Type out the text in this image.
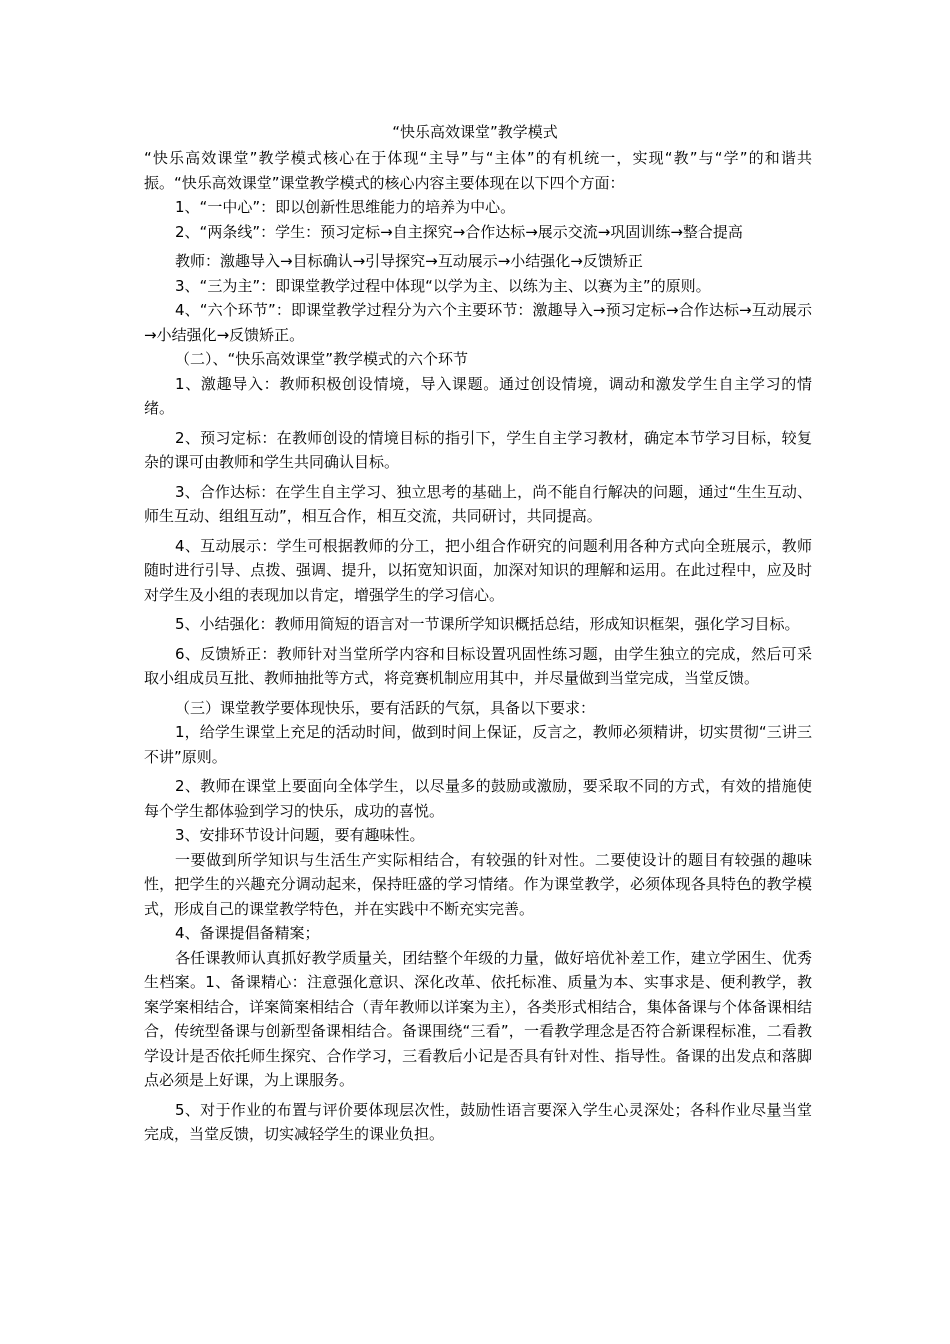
“快乐高效课堂”教学模式

“快乐高效课堂”教学模式核心在于体现“主导”与“主体”的有机统一，实现“教”与“学”的和谐共振。“快乐高效课堂”课堂教学模式的核心内容主要体现在以下四个方面：

1、“一中心”：即以创新性思维能力的培养为中心。

2、“两条线”：学生：预习定标→自主探究→合作达标→展示交流→巩固训练→整合提高

教师：激趣导入→目标确认→引导探究→互动展示→小结强化→反馈矫正

3、“三为主”：即课堂教学过程中体现“以学为主、以练为主、以赛为主”的原则。

4、“六个环节”：即课堂教学过程分为六个主要环节：激趣导入→预习定标→合作达标→互动展示→小结强化→反馈矫正。

（二）、“快乐高效课堂”教学模式的六个环节

1、激趣导入：教师积极创设情境，导入课题。通过创设情境，调动和激发学生自主学习的情绪。

2、预习定标：在教师创设的情境目标的指引下，学生自主学习教材，确定本节学习目标，较复杂的课可由教师和学生共同确认目标。

3、合作达标：在学生自主学习、独立思考的基础上，尚不能自行解决的问题，通过“生生互动、师生互动、组组互动”，相互合作，相互交流，共同研讨，共同提高。

4、互动展示：学生可根据教师的分工，把小组合作研究的问题利用各种方式向全班展示，教师随时进行引导、点拨、强调、提升，以拓宽知识面，加深对知识的理解和运用。在此过程中，应及时对学生及小组的表现加以肯定，增强学生的学习信心。

5、小结强化：教师用简短的语言对一节课所学知识概括总结，形成知识框架，强化学习目标。

6、反馈矫正：教师针对当堂所学内容和目标设置巩固性练习题，由学生独立的完成，然后可采取小组成员互批、教师抽批等方式，将竞赛机制应用其中，并尽量做到当堂完成，当堂反馈。

（三）课堂教学要体现快乐，要有活跃的气氛，具备以下要求：

1，给学生课堂上充足的活动时间，做到时间上保证，反言之，教师必须精讲，切实贯彻“三讲三不讲”原则。

2、教师在课堂上要面向全体学生，以尽量多的鼓励或激励，要采取不同的方式，有效的措施使每个学生都体验到学习的快乐，成功的喜悦。

3、安排环节设计问题，要有趣味性。

一要做到所学知识与生活生产实际相结合，有较强的针对性。二要使设计的题目有较强的趣味性，把学生的兴趣充分调动起来，保持旺盛的学习情绪。作为课堂教学，必须体现各具特色的教学模式，形成自己的课堂教学特色，并在实践中不断充实完善。

4、备课提倡备精案；

各任课教师认真抓好教学质量关，团结整个年级的力量，做好培优补差工作，建立学困生、优秀生档案。1、备课精心：注意强化意识、深化改革、依托标准、质量为本、实事求是、便利教学，教案学案相结合，详案简案相结合（青年教师以详案为主），各类形式相结合，集体备课与个体备课相结合，传统型备课与创新型备课相结合。备课围绕“三看”，一看教学理念是否符合新课程标准，二看教学设计是否依托师生探究、合作学习，三看教后小记是否具有针对性、指导性。备课的出发点和落脚点必须是上好课，为上课服务。

5、对于作业的布置与评价要体现层次性，鼓励性语言要深入学生心灵深处；各科作业尽量当堂完成，当堂反馈，切实减轻学生的课业负担。
